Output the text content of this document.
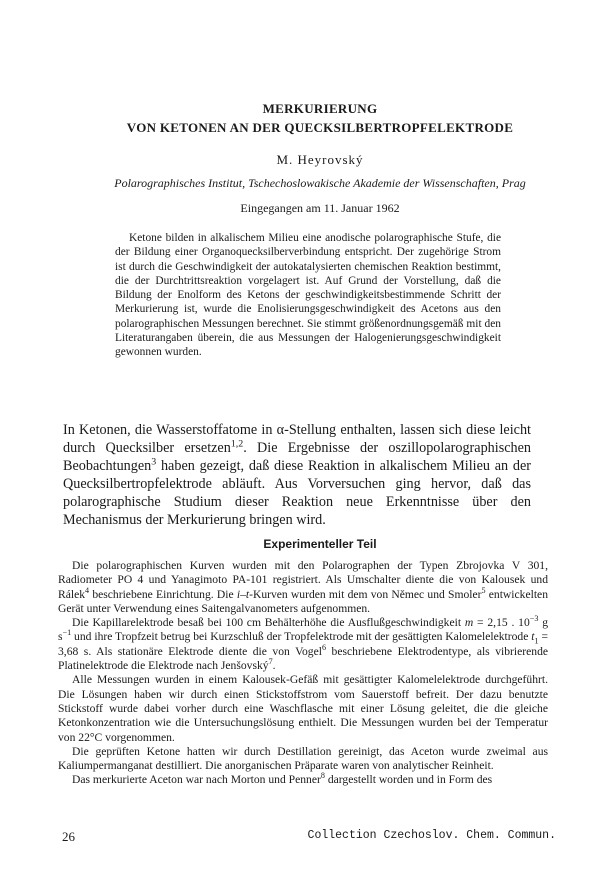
MERKURIERUNG
VON KETONEN AN DER QUECKSILBERTROPFELEKTRODE
M. Heyrovský
Polarographisches Institut, Tschechoslowakische Akademie der Wissenschaften, Prag
Eingegangen am 11. Januar 1962

Ketone bilden in alkalischem Milieu eine anodische polarographische Stufe, die der Bildung einer Organoquecksilberverbindung entspricht. Der zugehörige Strom ist durch die Geschwindigkeit der autokatalysierten chemischen Reaktion bestimmt, die der Durchtrittsreaktion vorgelagert ist. Auf Grund der Vorstellung, daß die Bildung der Enolform des Ketons der geschwindigkeitsbestimmende Schritt der Merkurierung ist, wurde die Enolisierungsgeschwindigkeit des Acetons aus den polarographischen Messungen berechnet. Sie stimmt größenordnungsgemäß mit den Literaturangaben überein, die aus Messungen der Halogenierungsgeschwindigkeit gewonnen wurden.

In Ketonen, die Wasserstoffatome in α-Stellung enthalten, lassen sich diese leicht durch Quecksilber ersetzen$^{1,2}$. Die Ergebnisse der oszillopolarographischen Beobachtungen$^3$ haben gezeigt, daß diese Reaktion in alkalischem Milieu an der Quecksilbertropfelektrode abläuft. Aus Vorversuchen ging hervor, daß das polarographische Studium dieser Reaktion neue Erkenntnisse über den Mechanismus der Merkurierung bringen wird.

Experimenteller Teil

Die polarographischen Kurven wurden mit den Polarographen der Typen Zbrojovka V 301, Radiometer PO 4 und Yanagimoto PA-101 registriert. Als Umschalter diente die von Kalousek und Rálek$^4$ beschriebene Einrichtung. Die i–t-Kurven wurden mit dem von Němec und Smoler$^5$ entwickelten Gerät unter Verwendung eines Saitengalvanometers aufgenommen.

Die Kapillarelektrode besaß bei 100 cm Behälterhöhe die Ausflußgeschwindigkeit m = 2,15 . $10^{-3}$ g $s^{-1}$ und ihre Tropfzeit betrug bei Kurzschluß der Tropfelektrode mit der gesättigten Kalomelelektrode $t_1 = 3,68$ s. Als stationäre Elektrode diente die von Vogel$^6$ beschriebene Elektrodentype, als vibrierende Platinelektrode die Elektrode nach Jenšovský$^7$.

Alle Messungen wurden in einem Kalousek-Gefäß mit gesättigter Kalomelelektrode durchgeführt. Die Lösungen haben wir durch einen Stickstoffstrom vom Sauerstoff befreit. Der dazu benutzte Stickstoff wurde dabei vorher durch eine Waschflasche mit einer Lösung geleitet, die die gleiche Ketonkonzentration wie die Untersuchungslösung enthielt. Die Messungen wurden bei der Temperatur von 22°C vorgenommen.

Die geprüften Ketone hatten wir durch Destillation gereinigt, das Aceton wurde zweimal aus Kaliumpermanganat destilliert. Die anorganischen Präparate waren von analytischer Reinheit.

Das merkurierte Aceton war nach Morton und Penner$^8$ dargestellt worden und in Form des

26	Collection Czechoslov. Chem. Commun.
